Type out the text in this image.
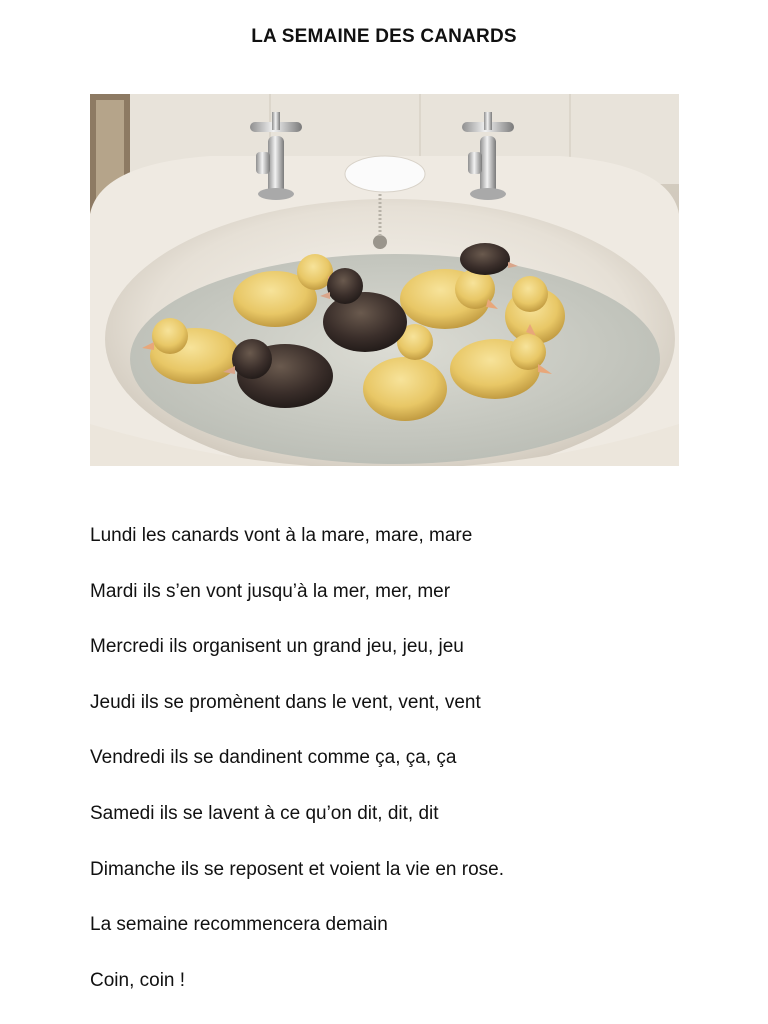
LA SEMAINE DES CANARDS
Lundi les canards vont à la mare, mare, mare
Mardi ils s’en vont jusqu’à la mer, mer, mer
Mercredi ils organisent un grand jeu, jeu, jeu
Jeudi ils se promènent dans le vent, vent, vent
Vendredi ils se dandinent comme ça, ça, ça
Samedi ils se lavent à ce qu’on dit, dit, dit
Dimanche ils se reposent et voient la vie en rose.
La semaine recommencera demain
Coin, coin !
